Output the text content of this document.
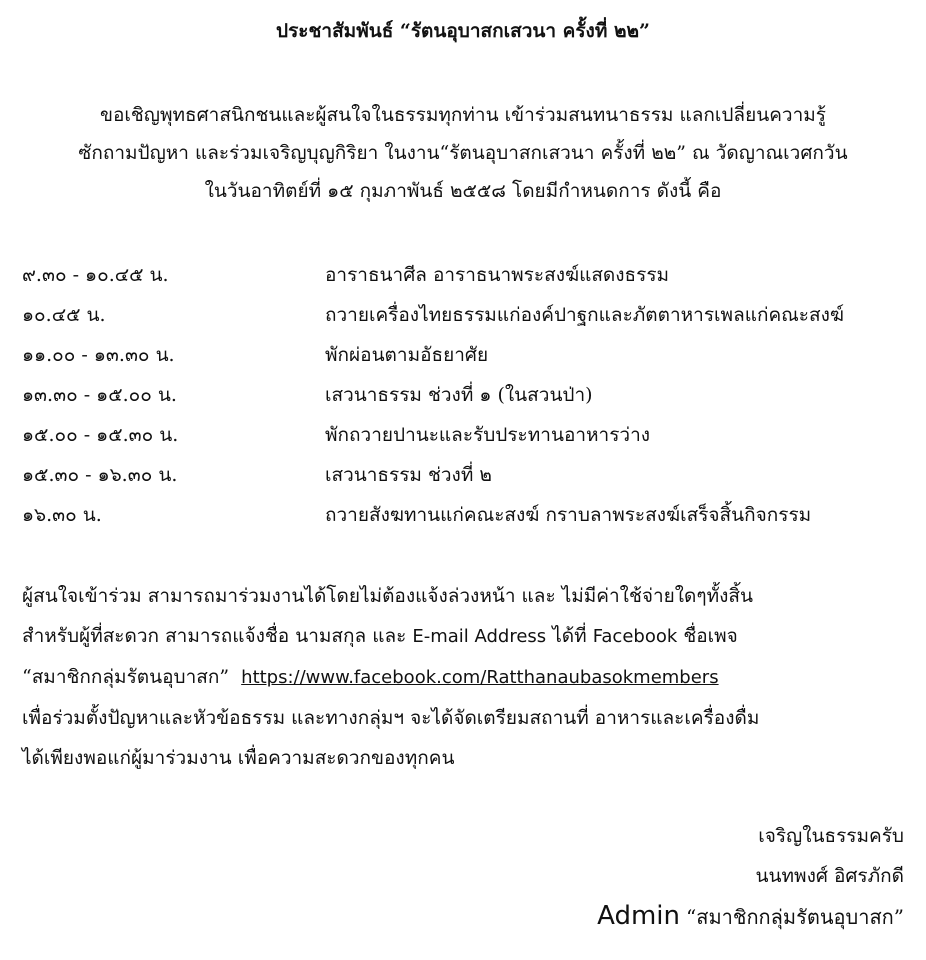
ประชาสัมพันธ์ “รัตนอุบาสกเสวนา ครั้งที่ ๒๒”
ขอเชิญพุทธศาสนิกชนและผู้สนใจในธรรมทุกท่าน เข้าร่วมสนทนาธรรม แลกเปลี่ยนความรู้
ซักถามปัญหา และร่วมเจริญบุญกิริยา ในงาน“รัตนอุบาสกเสวนา ครั้งที่ ๒๒” ณ วัดญาณเวศกวัน
ในวันอาทิตย์ที่ ๑๕ กุมภาพันธ์ ๒๕๕๘ โดยมีกำหนดการ ดังนี้ คือ
๙.๓๐ - ๑๐.๔๕ น.	อาราธนาศีล อาราธนาพระสงฆ์แสดงธรรม
๑๐.๔๕ น.	ถวายเครื่องไทยธรรมแก่องค์ปาฐกและภัตตาหารเพลแก่คณะสงฆ์
๑๑.๐๐ - ๑๓.๓๐ น.	พักผ่อนตามอัธยาศัย
๑๓.๓๐ - ๑๕.๐๐ น.	เสวนาธรรม ช่วงที่ ๑ (ในสวนป่า)
๑๕.๐๐ - ๑๕.๓๐ น.	พักถวายปานะและรับประทานอาหารว่าง
๑๕.๓๐ - ๑๖.๓๐ น.	เสวนาธรรม ช่วงที่ ๒
๑๖.๓๐ น.	ถวายสังฆทานแก่คณะสงฆ์ กราบลาพระสงฆ์เสร็จสิ้นกิจกรรม
ผู้สนใจเข้าร่วม สามารถมาร่วมงานได้โดยไม่ต้องแจ้งล่วงหน้า และ ไม่มีค่าใช้จ่ายใดๆทั้งสิ้น
สำหรับผู้ที่สะดวก สามารถแจ้งชื่อ นามสกุล และ E-mail Address ได้ที่ Facebook ชื่อเพจ
“สมาชิกกลุ่มรัตนอุบาสก” https://www.facebook.com/Ratthanaubasokmembers
เพื่อร่วมตั้งปัญหาและหัวข้อธรรม และทางกลุ่มฯ จะได้จัดเตรียมสถานที่ อาหารและเครื่องดื่ม
ได้เพียงพอแก่ผู้มาร่วมงาน เพื่อความสะดวกของทุกคน
เจริญในธรรมครับ
นนทพงศ์ อิศรภักดี
Admin “สมาชิกกลุ่มรัตนอุบาสก”
